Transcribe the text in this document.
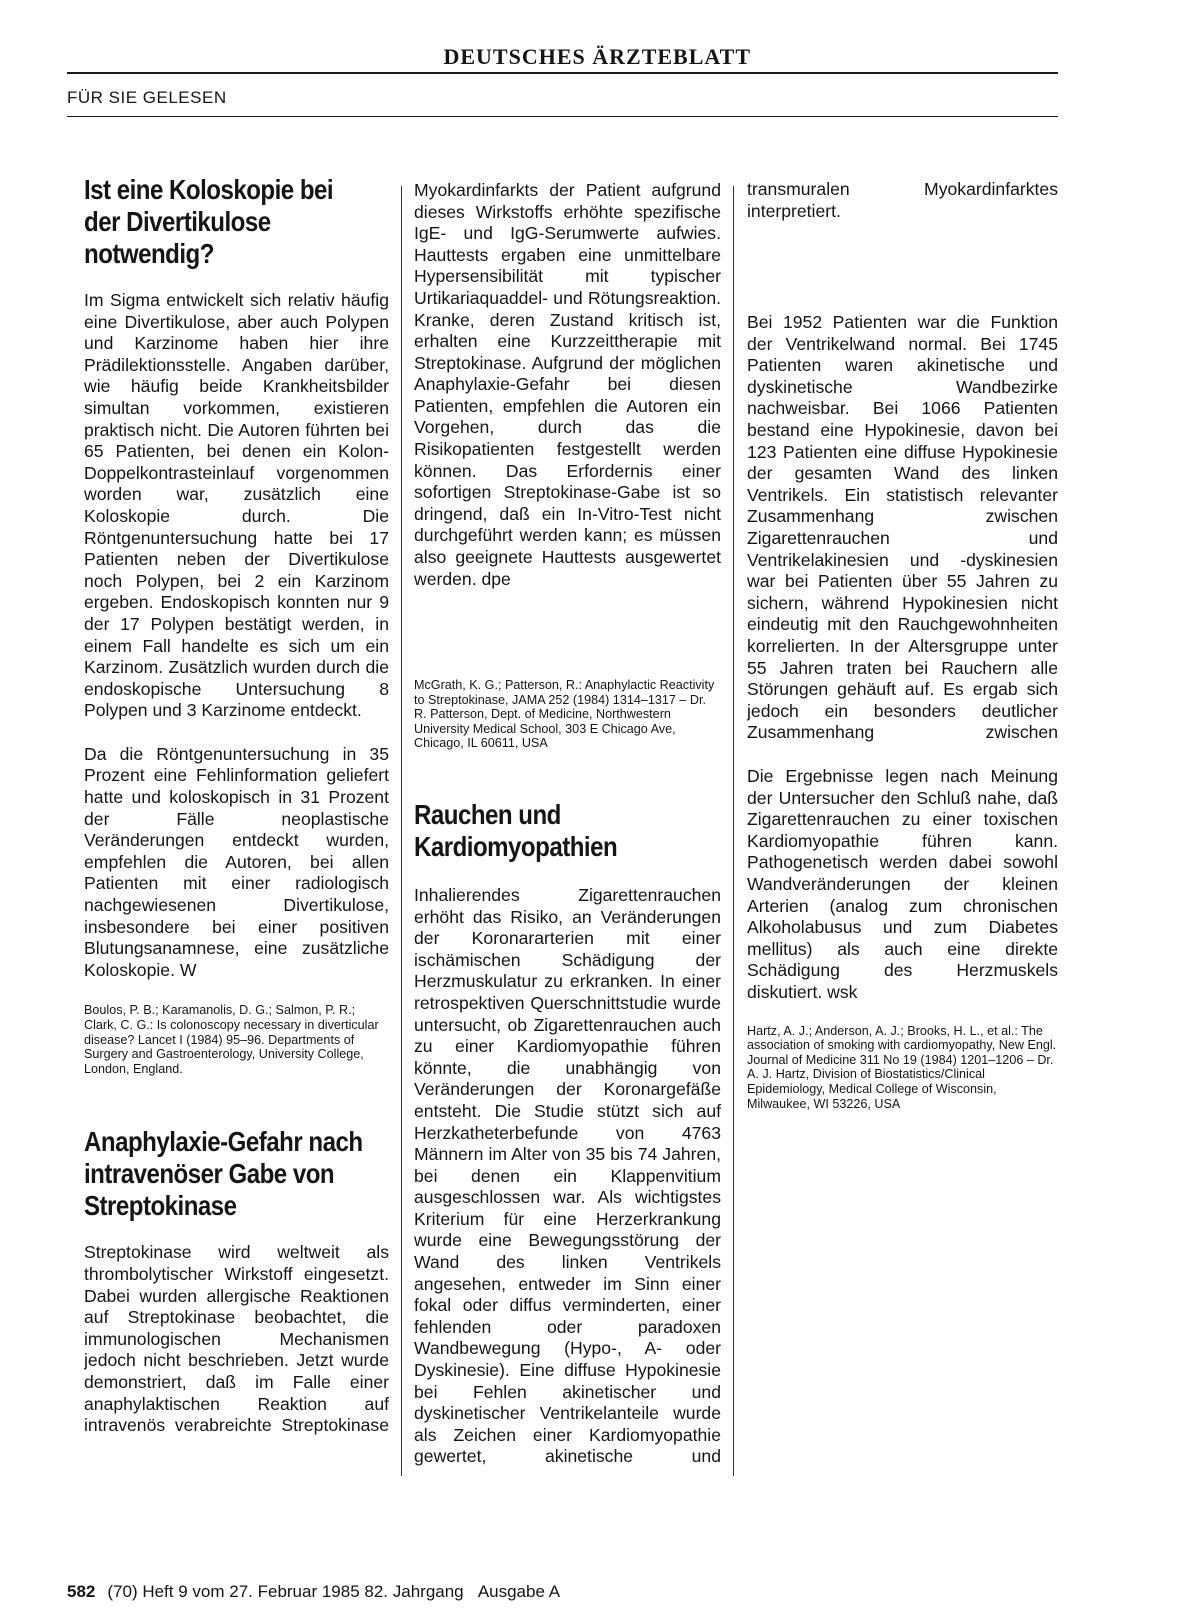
DEUTSCHES ÄRZTEBLATT
FÜR SIE GELESEN
Ist eine Koloskopie bei der Divertikulose notwendig?

Im Sigma entwickelt sich relativ häufig eine Divertikulose, aber auch Polypen und Karzinome haben hier ihre Prädilektionsstelle. Angaben darüber, wie häufig beide Krankheitsbilder simultan vorkommen, existieren praktisch nicht. Die Autoren führten bei 65 Patienten, bei denen ein Kolon-Doppelkontrasteinlauf vorgenommen worden war, zusätzlich eine Koloskopie durch. Die Röntgenuntersuchung hatte bei 17 Patienten neben der Divertikulose noch Polypen, bei 2 ein Karzinom ergeben. Endoskopisch konnten nur 9 der 17 Polypen bestätigt werden, in einem Fall handelte es sich um ein Karzinom. Zusätzlich wurden durch die endoskopische Untersuchung 8 Polypen und 3 Karzinome entdeckt.

Da die Röntgenuntersuchung in 35 Prozent eine Fehlinformation geliefert hatte und koloskopisch in 31 Prozent der Fälle neoplastische Veränderungen entdeckt wurden, empfehlen die Autoren, bei allen Patienten mit einer radiologisch nachgewiesenen Divertikulose, insbesondere bei einer positiven Blutungsanamnese, eine zusätzliche Koloskopie. W

Boulos, P. B.; Karamanolis, D. G.; Salmon, P. R.; Clark, C. G.: Is colonoscopy necessary in diverticular disease? Lancet I (1984) 95–96. Departments of Surgery and Gastroenterology, University College, London, England.

Anaphylaxie-Gefahr nach intravenöser Gabe von Streptokinase

Streptokinase wird weltweit als thrombolytischer Wirkstoff eingesetzt. Dabei wurden allergische Reaktionen auf Streptokinase beobachtet, die immunologischen Mechanismen jedoch nicht beschrieben. Jetzt wurde demonstriert, daß im Falle einer anaphylaktischen Reaktion auf intravenös verabreichte Streptokinase

Myokardinfarkts der Patient aufgrund dieses Wirkstoffs erhöhte spezifische IgE- und IgG-Serumwerte aufwies. Hauttests ergaben eine unmittelbare Hypersensibilität mit typischer Urtikariaquaddel- und Rötungsreaktion. Kranke, deren Zustand kritisch ist, erhalten eine Kurzzeittherapie mit Streptokinase. Aufgrund der möglichen Anaphylaxie-Gefahr bei diesen Patienten, empfehlen die Autoren ein Vorgehen, durch das die Risikopatienten festgestellt werden können. Das Erfordernis einer sofortigen Streptokinase-Gabe ist so dringend, daß ein In-Vitro-Test nicht durchgeführt werden kann; es müssen also geeignete Hauttests ausgewertet werden. dpe

McGrath, K. G.; Patterson, R.: Anaphylactic Reactivity to Streptokinase, JAMA 252 (1984) 1314–1317 – Dr. R. Patterson, Dept. of Medicine, Northwestern University Medical School, 303 E Chicago Ave, Chicago, IL 60611, USA

Rauchen und Kardiomyopathien

Inhalierendes Zigarettenrauchen erhöht das Risiko, an Veränderungen der Koronararterien mit einer ischämischen Schädigung der Herzmuskulatur zu erkranken. In einer retrospektiven Querschnittstudie wurde untersucht, ob Zigarettenrauchen auch zu einer Kardiomyopathie führen könnte, die unabhängig von Veränderungen der Koronargefäße entsteht. Die Studie stützt sich auf Herzkatheterbefunde von 4763 Männern im Alter von 35 bis 74 Jahren, bei denen ein Klappenvitium ausgeschlossen war. Als wichtigstes Kriterium für eine Herzerkrankung wurde eine Bewegungsstörung der Wand des linken Ventrikels angesehen, entweder im Sinn einer fokal oder diffus verminderten, einer fehlenden oder paradoxen Wandbewegung (Hypo-, A- oder Dyskinesie). Eine diffuse Hypokinesie bei Fehlen akinetischer und dyskinetischer Ventrikelanteile wurde als Zeichen einer Kardiomyopathie gewertet, akinetische und

transmuralen Myokardinfarktes interpretiert.

Bei 1952 Patienten war die Funktion der Ventrikelwand normal. Bei 1745 Patienten waren akinetische und dyskinetische Wandbezirke nachweisbar. Bei 1066 Patienten bestand eine Hypokinesie, davon bei 123 Patienten eine diffuse Hypokinesie der gesamten Wand des linken Ventrikels. Ein statistisch relevanter Zusammenhang zwischen Zigarettenrauchen und Ventrikelakinesien und -dyskinesien war bei Patienten über 55 Jahren zu sichern, während Hypokinesien nicht eindeutig mit den Rauchgewohnheiten korrelierten. In der Altersgruppe unter 55 Jahren traten bei Rauchern alle Störungen gehäuft auf. Es ergab sich jedoch ein besonders deutlicher Zusammenhang zwischen

Die Ergebnisse legen nach Meinung der Untersucher den Schluß nahe, daß Zigarettenrauchen zu einer toxischen Kardiomyopathie führen kann. Pathogenetisch werden dabei sowohl Wandveränderungen der kleinen Arterien (analog zum chronischen Alkoholabusus und zum Diabetes mellitus) als auch eine direkte Schädigung des Herzmuskels diskutiert. wsk

Hartz, A. J.; Anderson, A. J.; Brooks, H. L., et al.: The association of smoking with cardiomyopathy, New Engl. Journal of Medicine 311 No 19 (1984) 1201–1206 – Dr. A. J. Hartz, Division of Biostatistics/Clinical Epidemiology, Medical College of Wisconsin, Milwaukee, WI 53226, USA

582 (70) Heft 9 vom 27. Februar 1985 82. Jahrgang Ausgabe A
